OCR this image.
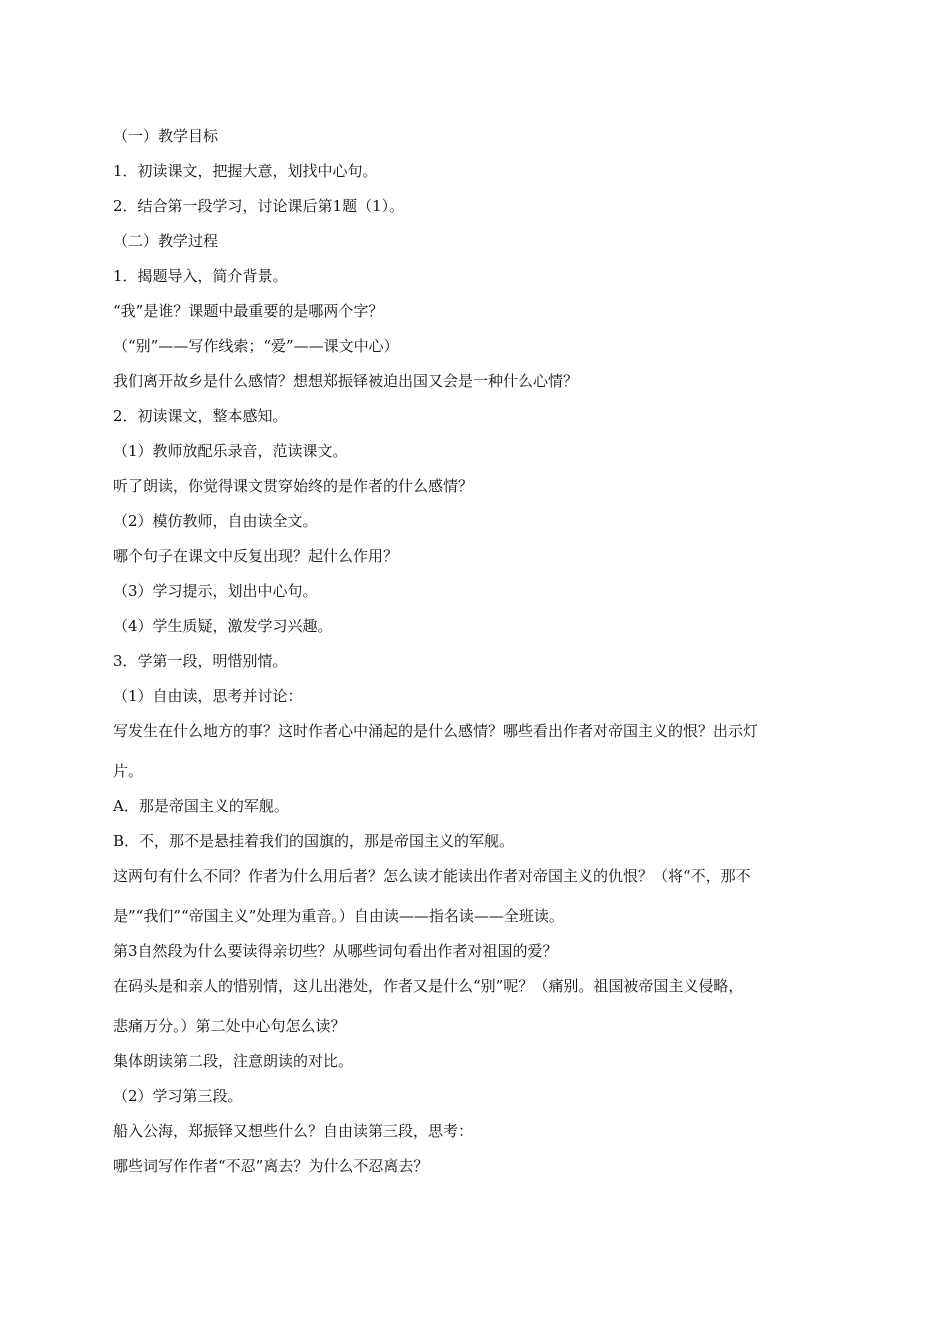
（一）教学目标
1．初读课文，把握大意，划找中心句。
2．结合第一段学习，讨论课后第1题（1）。
（二）教学过程
1．揭题导入，简介背景。
“我”是谁？课题中最重要的是哪两个字？
（“别”——写作线索；“爱”——课文中心）
我们离开故乡是什么感情？想想郑振铎被迫出国又会是一种什么心情？
2．初读课文，整本感知。
（1）教师放配乐录音，范读课文。
听了朗读，你觉得课文贯穿始终的是作者的什么感情？
（2）模仿教师，自由读全文。
哪个句子在课文中反复出现？起什么作用？
（3）学习提示，划出中心句。
（4）学生质疑，激发学习兴趣。
3．学第一段，明惜别情。
（1）自由读，思考并讨论：
写发生在什么地方的事？这时作者心中涌起的是什么感情？哪些看出作者对帝国主义的恨？出示灯
片。
A．那是帝国主义的军舰。
B．不，那不是悬挂着我们的国旗的，那是帝国主义的军舰。
这两句有什么不同？作者为什么用后者？怎么读才能读出作者对帝国主义的仇恨？（将“不，那不
是”“我们”“帝国主义”处理为重音。）自由读——指名读——全班读。
第3自然段为什么要读得亲切些？从哪些词句看出作者对祖国的爱？
在码头是和亲人的惜别情，这儿出港处，作者又是什么“别”呢？（痛别。祖国被帝国主义侵略，
悲痛万分。）第二处中心句怎么读？
集体朗读第二段，注意朗读的对比。
（2）学习第三段。
船入公海，郑振铎又想些什么？自由读第三段，思考：
哪些词写作作者“不忍”离去？为什么不忍离去？
